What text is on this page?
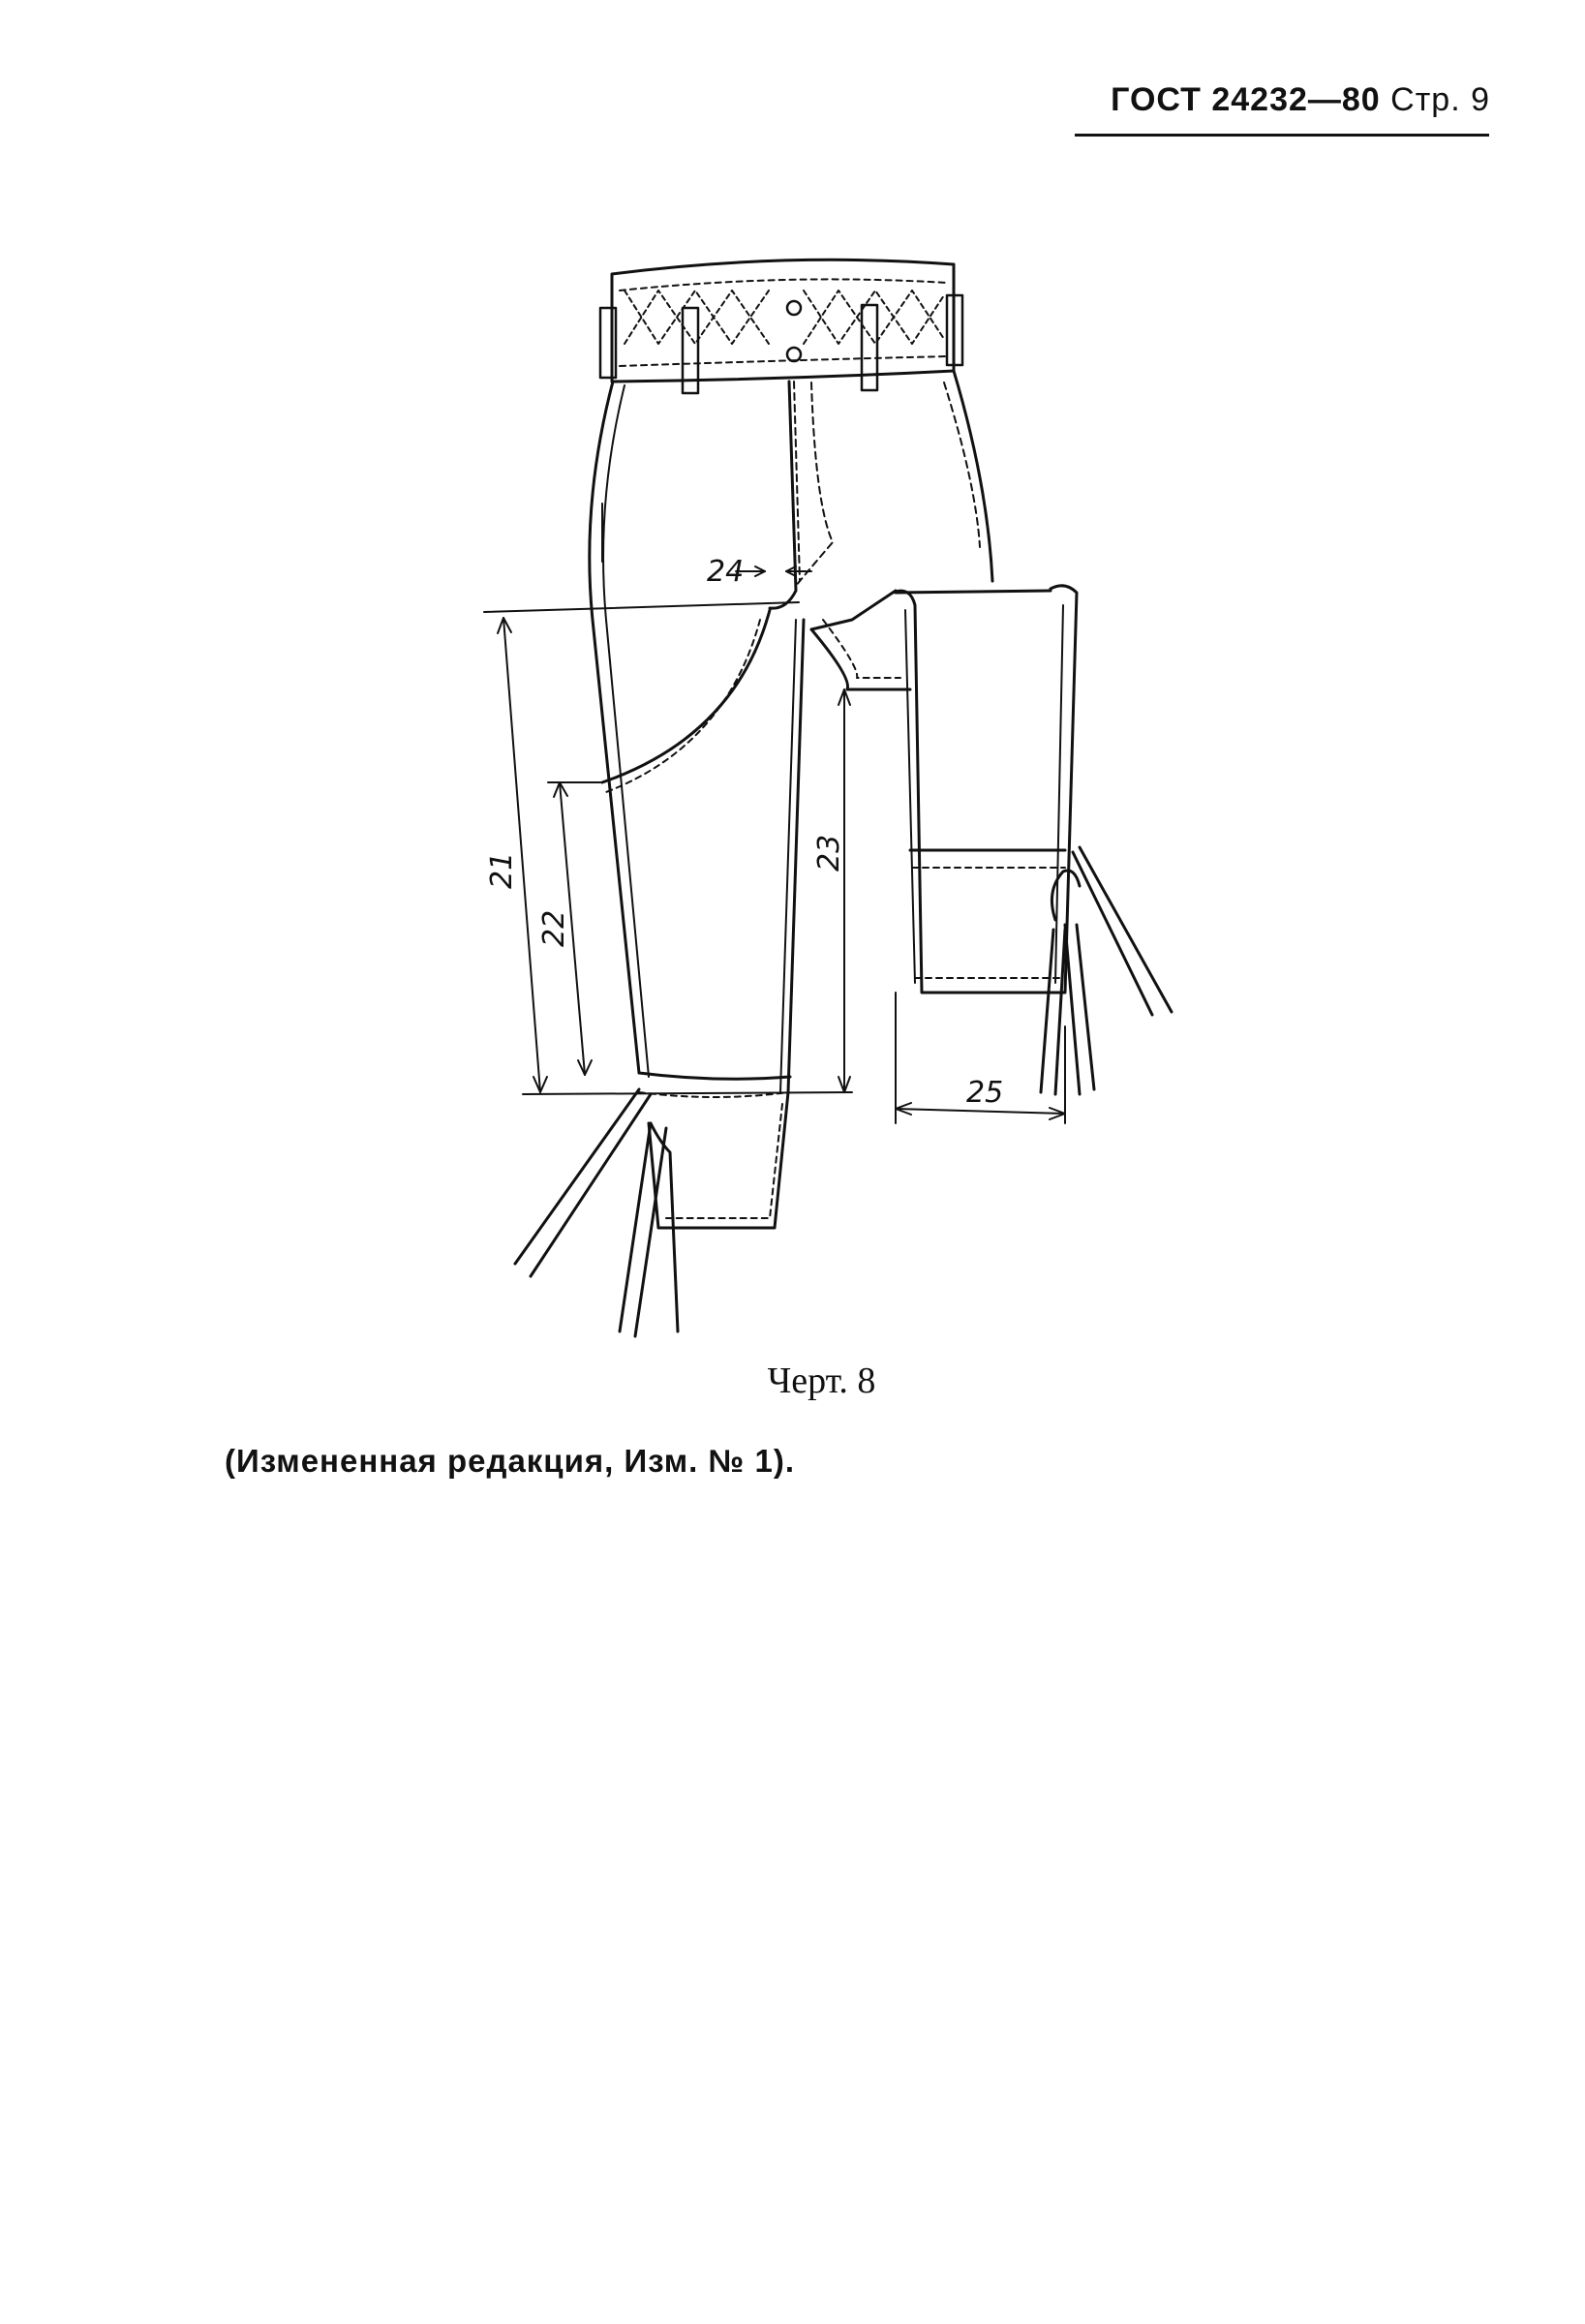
ГОСТ 24232—80 Стр. 9
24
21
22
23
25
Черт. 8
(Измененная редакция, Изм. № 1).
